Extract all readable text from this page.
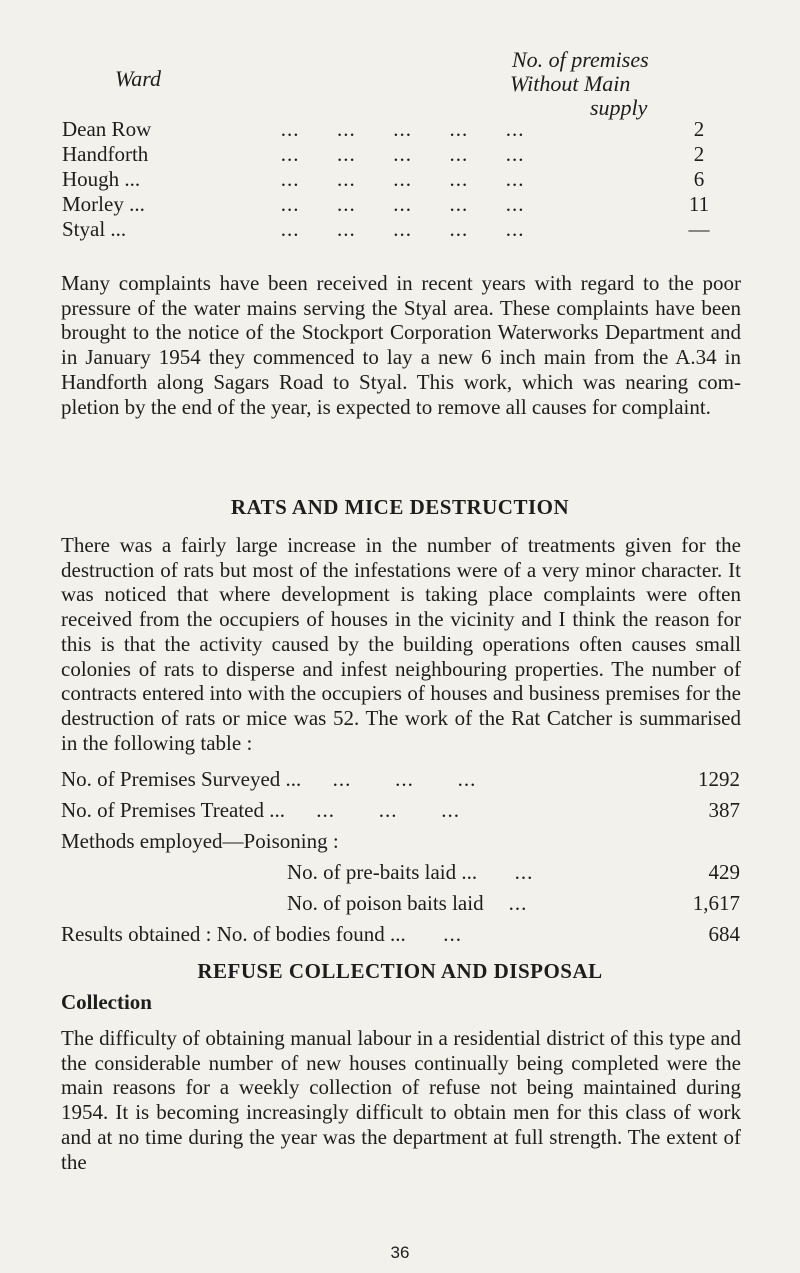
Ward
No. of premises
Without Main
supply
Dean Row	...      ...      ...      ...      ...	2
Handforth	...      ...      ...      ...      ...	2
Hough ...	...      ...      ...      ...      ...	6
Morley ...	...      ...      ...      ...      ...	11
Styal ...	...      ...      ...      ...      ...	—

Many complaints have been received in recent years with regard to the poor pressure of the water mains serving the Styal area. These complaints have been brought to the notice of the Stockport Corporation Waterworks Department and in January 1954 they commenced to lay a new 6 inch main from the A.34 in Handforth along Sagars Road to Styal. This work, which was nearing com- pletion by the end of the year, is expected to remove all causes for complaint.

RATS AND MICE DESTRUCTION

There was a fairly large increase in the number of treatments given for the destruction of rats but most of the infestations were of a very minor character. It was noticed that where development is taking place complaints were often received from the occupiers of houses in the vicinity and I think the reason for this is that the activity caused by the building operations often causes small colonies of rats to disperse and infest neighbouring properties. The number of contracts entered into with the occupiers of houses and business premises for the destruction of rats or mice was 52. The work of the Rat Catcher is summarised in the following table :

No. of Premises Surveyed ...     ...       ...       ...	1292
No. of Premises Treated ...     ...       ...       ...	387
Methods employed—Poisoning :
No. of pre-baits laid ...      ...	429
No. of poison baits laid    ...	1,617
Results obtained : No. of bodies found ...      ...	684
REFUSE COLLECTION AND DISPOSAL
Collection

The difficulty of obtaining manual labour in a residential district of this type and the considerable number of new houses continually being completed were the main reasons for a weekly collection of refuse not being maintained during 1954. It is becoming increasingly difficult to obtain men for this class of work and at no time during the year was the department at full strength. The extent of the

36
